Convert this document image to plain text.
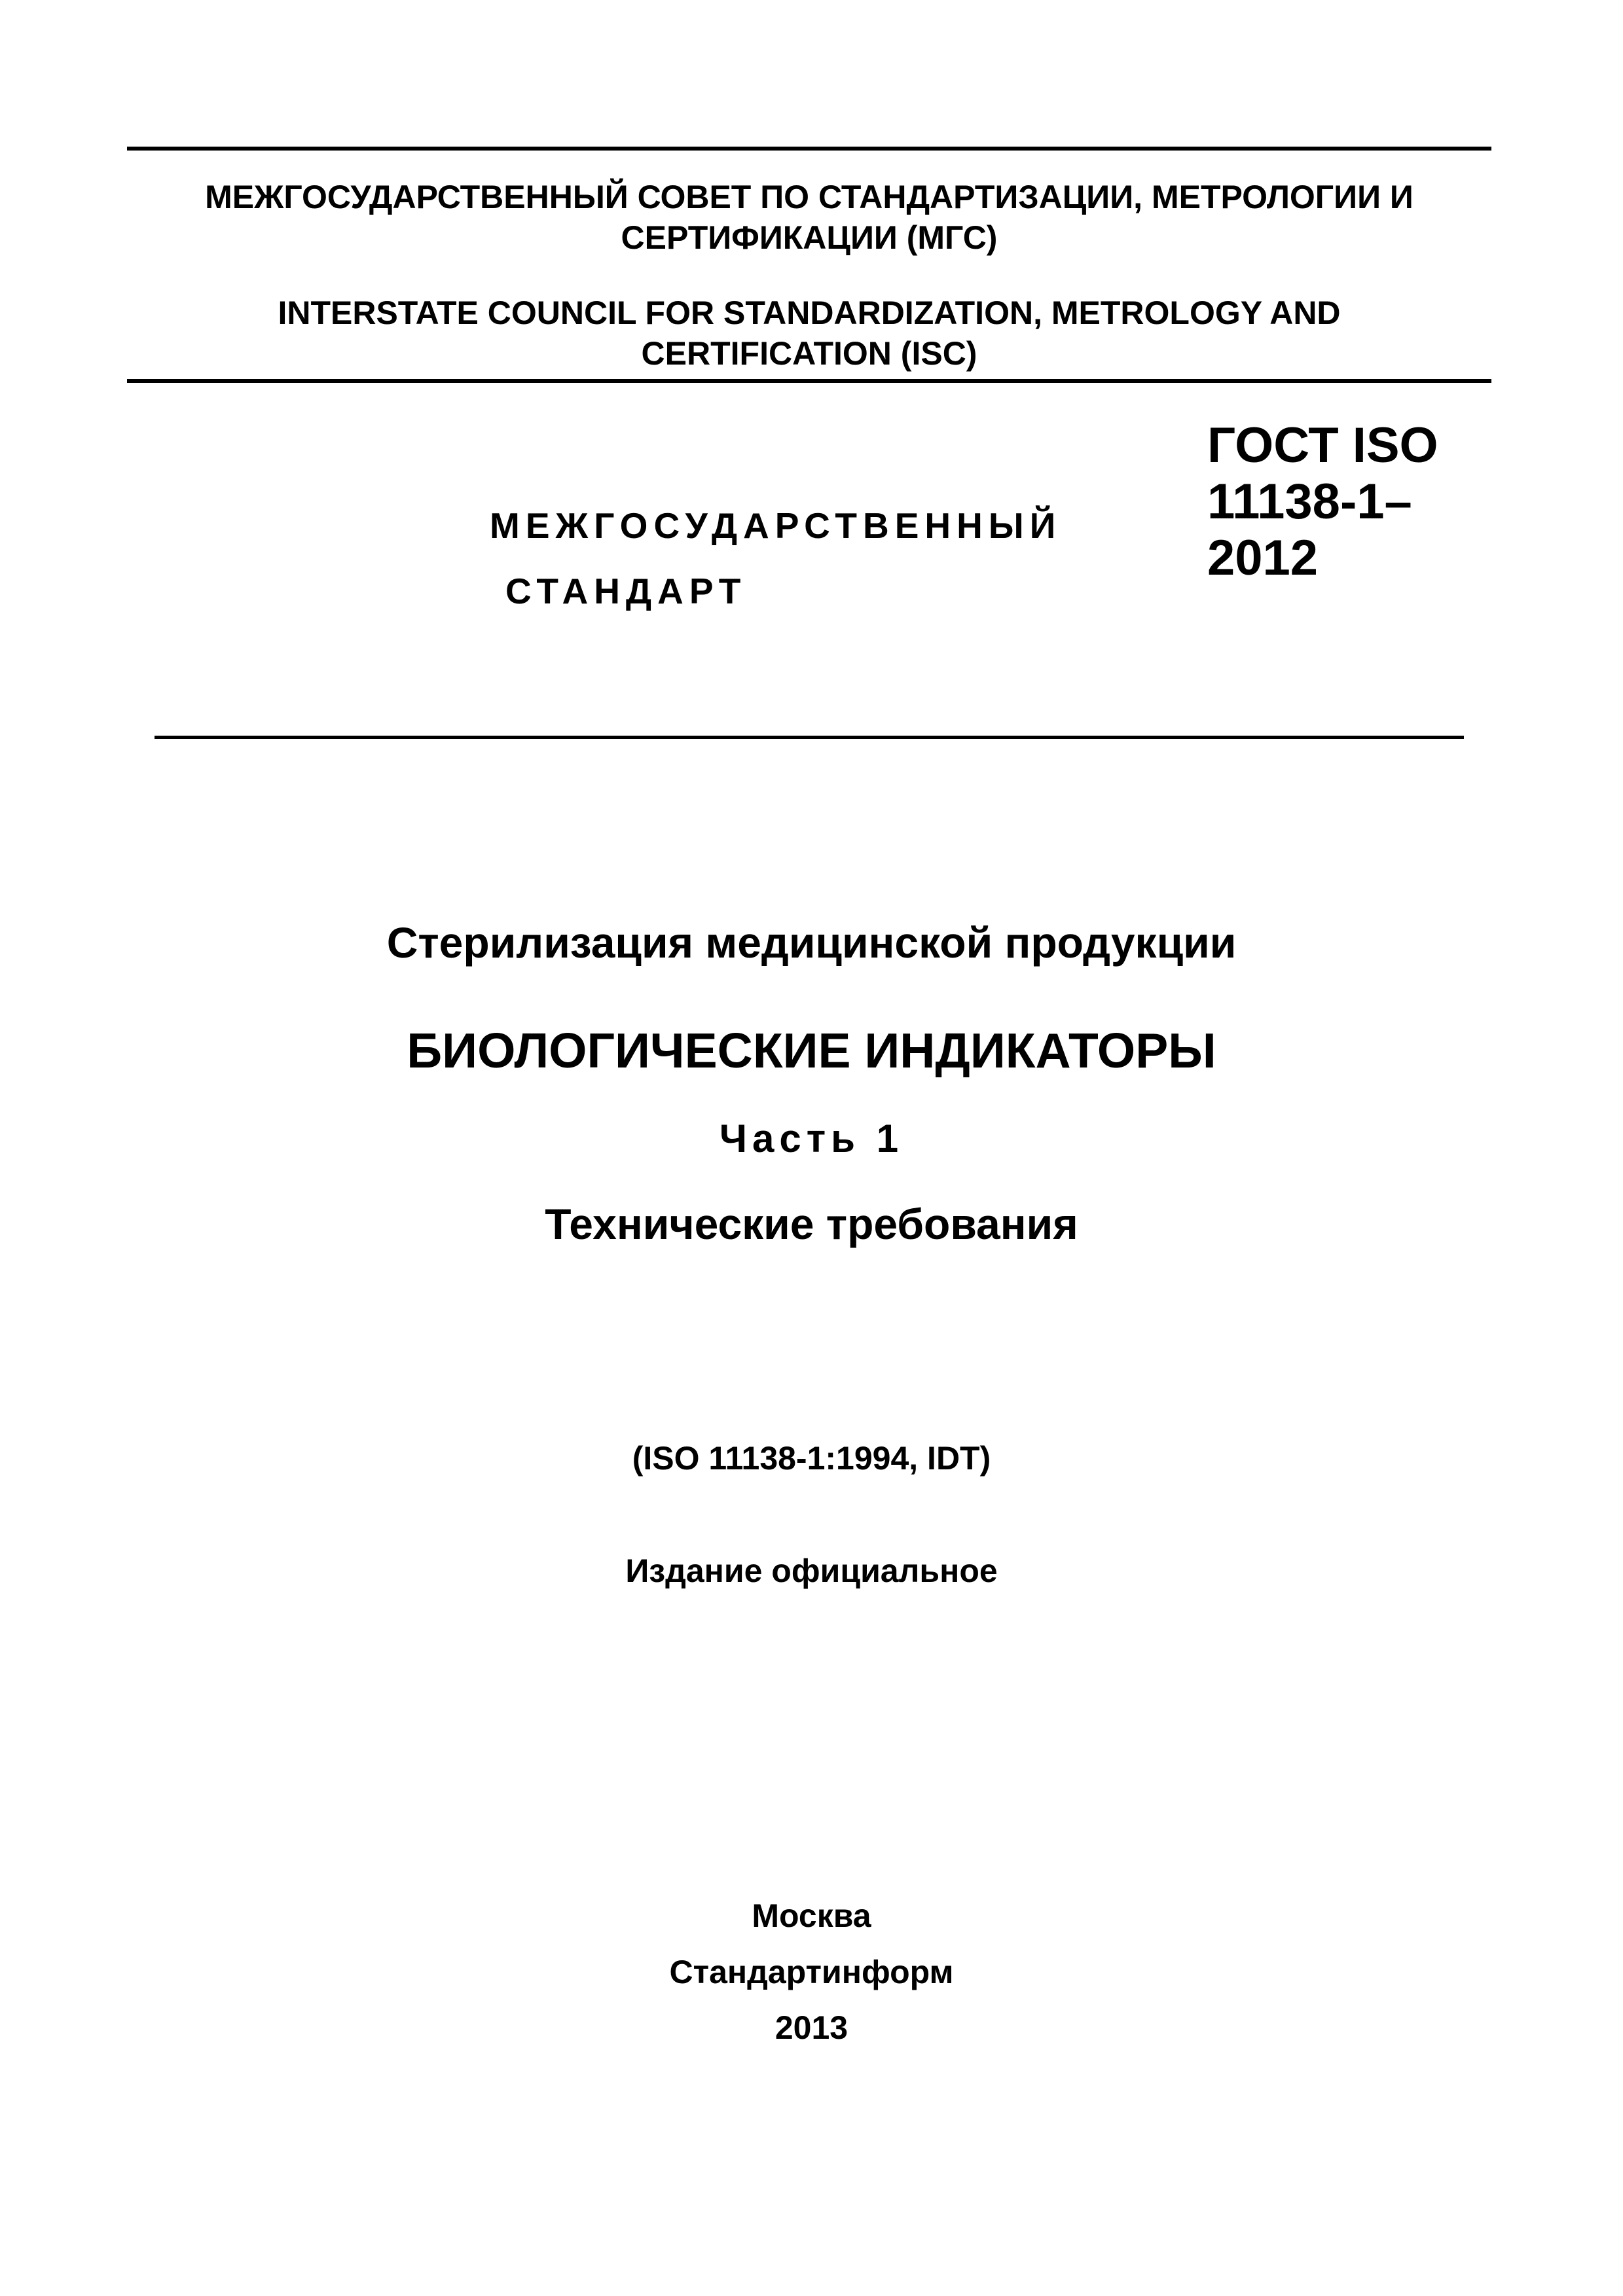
МЕЖГОСУДАРСТВЕННЫЙ СОВЕТ ПО СТАНДАРТИЗАЦИИ, МЕТРОЛОГИИ И
СЕРТИФИКАЦИИ (МГС)
INTERSTATE COUNCIL FOR STANDARDIZATION, METROLOGY AND
CERTIFICATION (ISC)
МЕЖГОСУДАРСТВЕННЫЙ
СТАНДАРТ
ГОСТ ISO
11138-1–
2012
Стерилизация медицинской продукции
БИОЛОГИЧЕСКИЕ ИНДИКАТОРЫ
Часть 1
Технические требования
(ISO 11138-1:1994, IDT)
Издание официальное
Москва
Стандартинформ
2013
